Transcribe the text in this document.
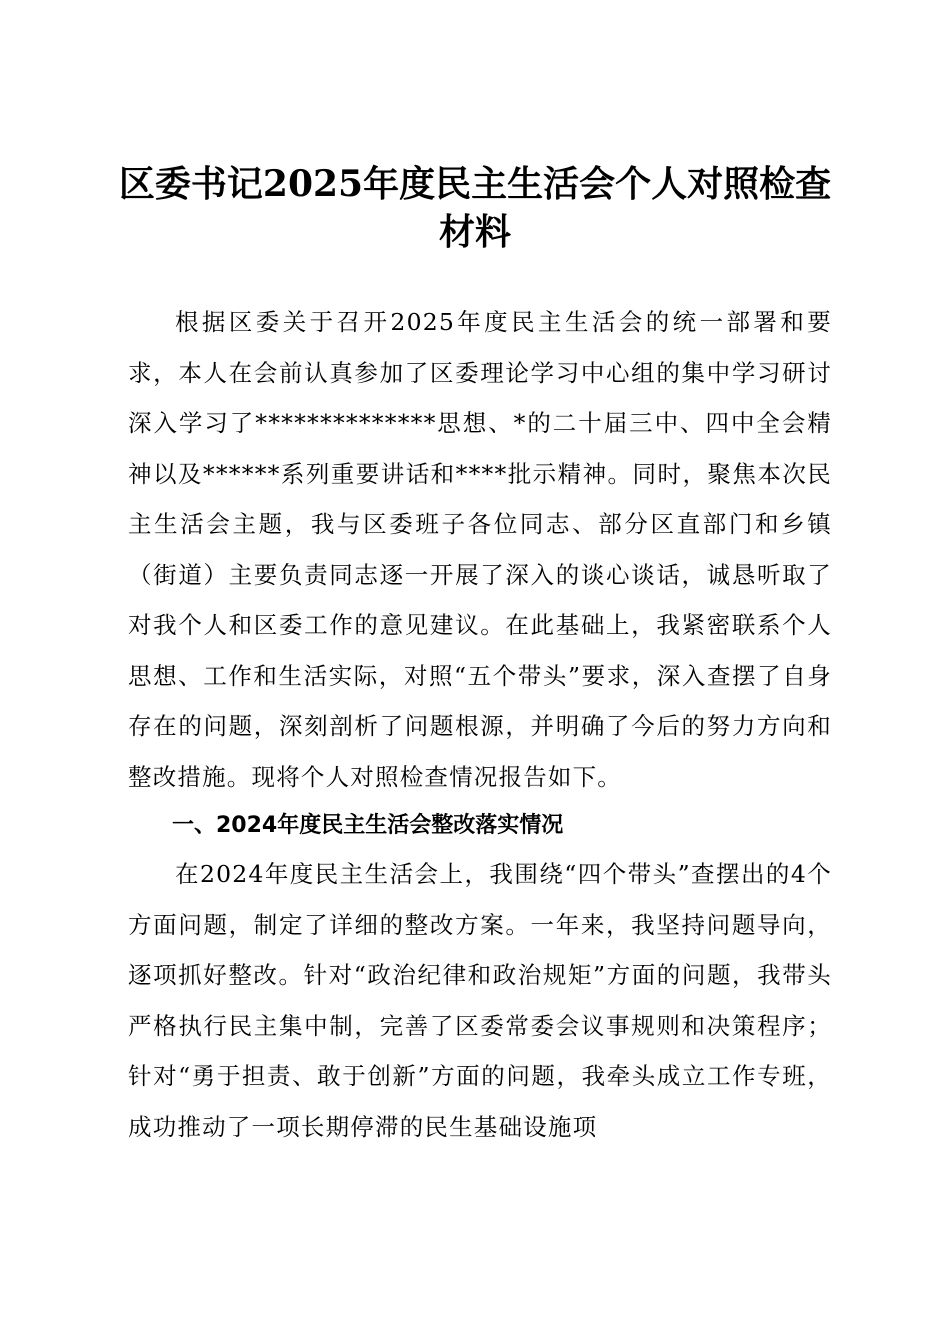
区委书记2025年度民主生活会个人对照检查材料

根据区委关于召开2025年度民主生活会的统一部署和要求，本人在会前认真参加了区委理论学习中心组的集中学习研讨深入学习了**************思想、*的二十届三中、四中全会精神以及******系列重要讲话和****批示精神。同时，聚焦本次民主生活会主题，我与区委班子各位同志、部分区直部门和乡镇（街道）主要负责同志逐一开展了深入的谈心谈话，诚恳听取了对我个人和区委工作的意见建议。在此基础上，我紧密联系个人思想、工作和生活实际，对照“五个带头”要求，深入查摆了自身存在的问题，深刻剖析了问题根源，并明确了今后的努力方向和整改措施。现将个人对照检查情况报告如下。

一、2024年度民主生活会整改落实情况

在2024年度民主生活会上，我围绕“四个带头”查摆出的4个方面问题，制定了详细的整改方案。一年来，我坚持问题导向，逐项抓好整改。针对“政治纪律和政治规矩”方面的问题，我带头严格执行民主集中制，完善了区委常委会议事规则和决策程序；针对“勇于担责、敢于创新”方面的问题，我牵头成立工作专班，成功推动了一项长期停滞的民生基础设施项
